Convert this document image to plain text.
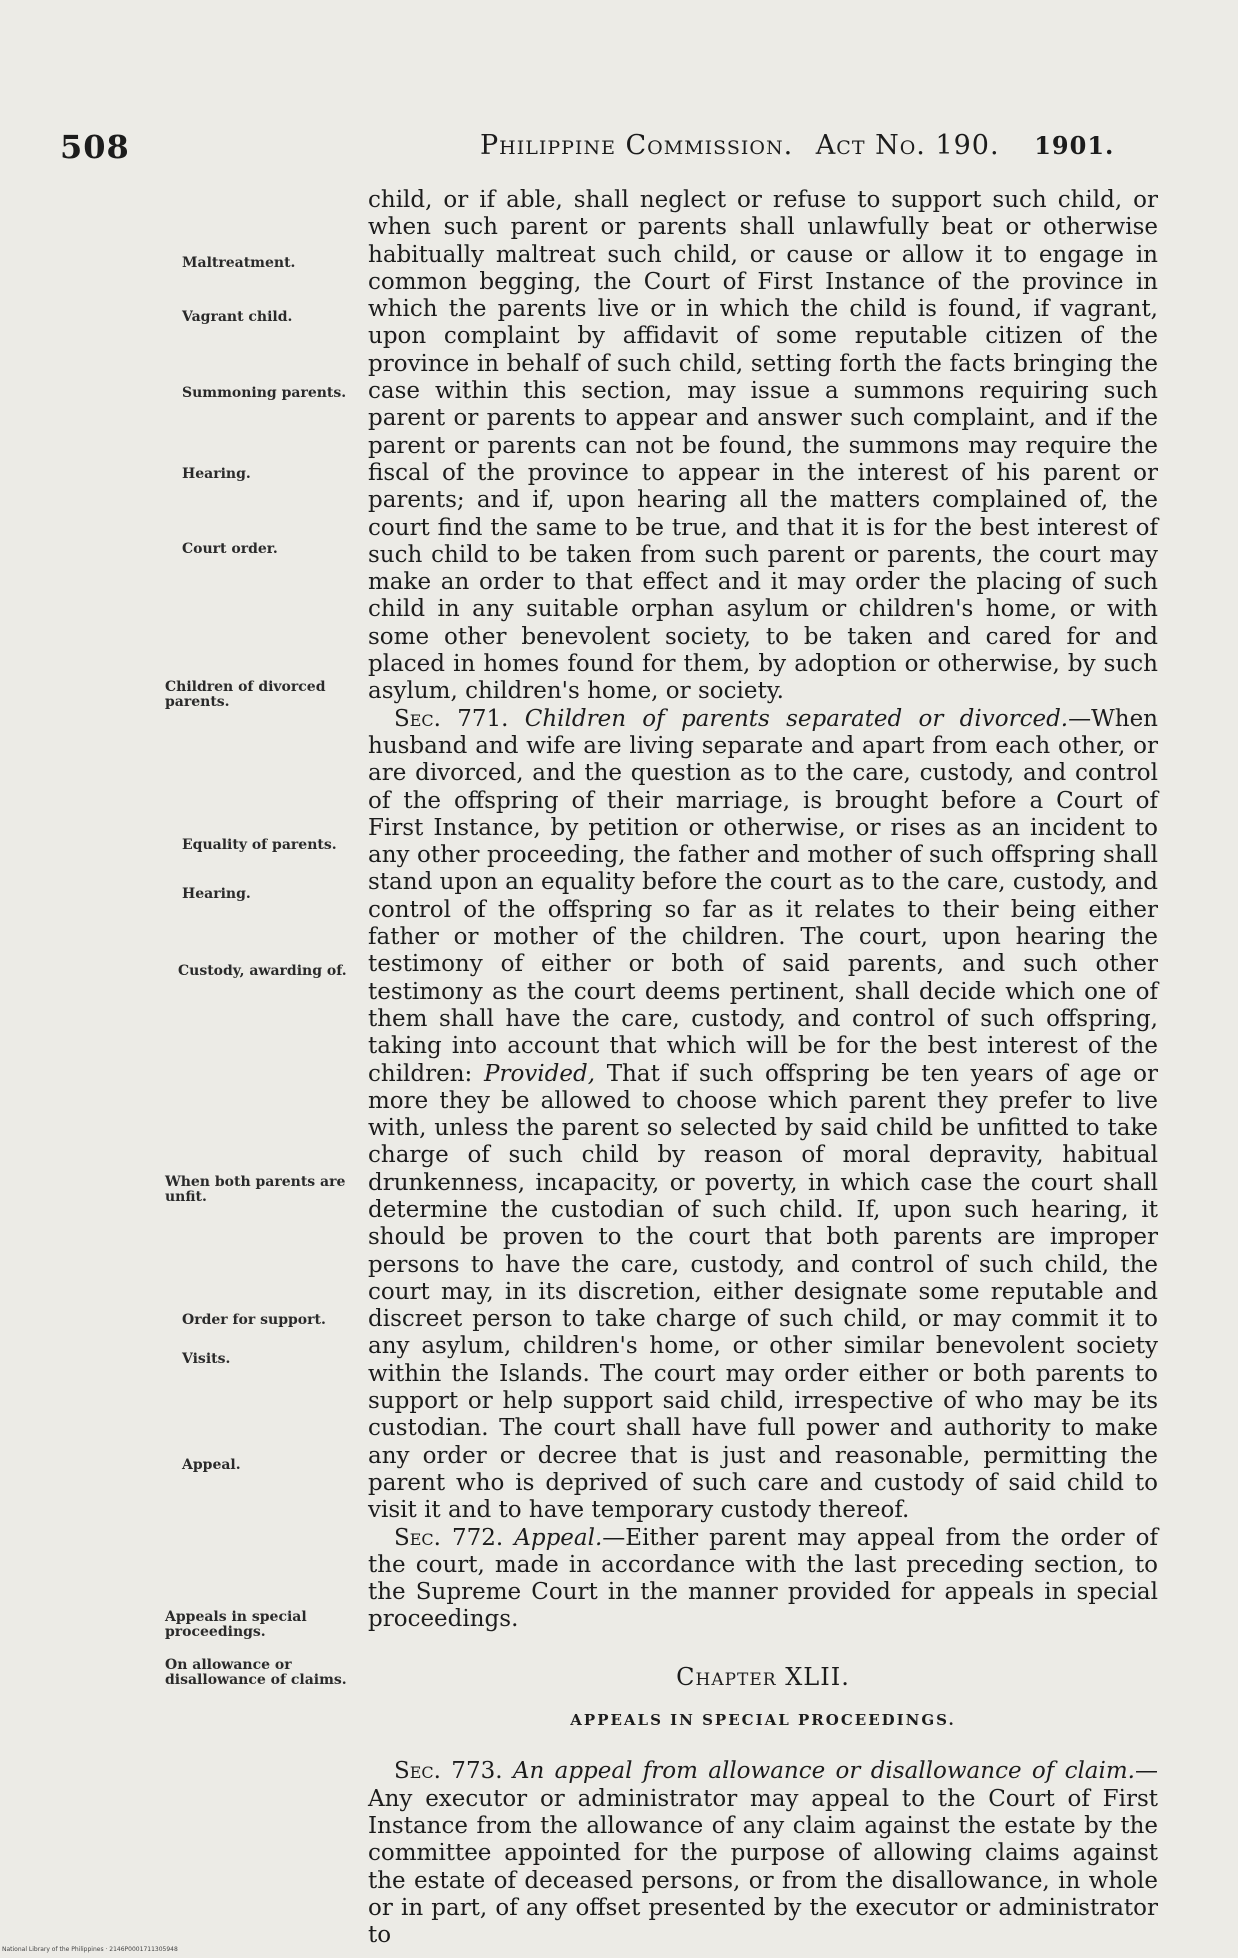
508	Philippine Commission. Act No. 190. 1901.
Maltreatment.
Vagrant child.
Summoning parents.
Hearing.
Court order.
Children of divorced parents.
Equality of parents.
Hearing.
Custody, awarding of.
When both parents are unfit.
Order for support.
Visits.
Appeal.
Appeals in special proceedings.
On allowance or disallowance of claims.

child, or if able, shall neglect or refuse to support such child, or when such parent or parents shall unlawfully beat or otherwise habitually maltreat such child, or cause or allow it to engage in common begging, the Court of First Instance of the province in which the parents live or in which the child is found, if vagrant, upon complaint by affidavit of some reputable citizen of the province in behalf of such child, setting forth the facts bringing the case within this section, may issue a summons requiring such parent or parents to appear and answer such complaint, and if the parent or parents can not be found, the summons may require the fiscal of the province to appear in the interest of his parent or parents; and if, upon hearing all the matters complained of, the court find the same to be true, and that it is for the best interest of such child to be taken from such parent or parents, the court may make an order to that effect and it may order the placing of such child in any suitable orphan asylum or children's home, or with some other benevolent society, to be taken and cared for and placed in homes found for them, by adoption or otherwise, by such asylum, children's home, or society.

Sec. 771. Children of parents separated or divorced.—When husband and wife are living separate and apart from each other, or are divorced, and the question as to the care, custody, and control of the offspring of their marriage, is brought before a Court of First Instance, by petition or otherwise, or rises as an incident to any other proceeding, the father and mother of such offspring shall stand upon an equality before the court as to the care, custody, and control of the offspring so far as it relates to their being either father or mother of the children. The court, upon hearing the testimony of either or both of said parents, and such other testimony as the court deems pertinent, shall decide which one of them shall have the care, custody, and control of such offspring, taking into account that which will be for the best interest of the children: Provided, That if such offspring be ten years of age or more they be allowed to choose which parent they prefer to live with, unless the parent so selected by said child be unfitted to take charge of such child by reason of moral depravity, habitual drunkenness, incapacity, or poverty, in which case the court shall determine the custodian of such child. If, upon such hearing, it should be proven to the court that both parents are improper persons to have the care, custody, and control of such child, the court may, in its discretion, either designate some reputable and discreet person to take charge of such child, or may commit it to any asylum, children's home, or other similar benevolent society within the Islands. The court may order either or both parents to support or help support said child, irrespective of who may be its custodian. The court shall have full power and authority to make any order or decree that is just and reasonable, permitting the parent who is deprived of such care and custody of said child to visit it and to have temporary custody thereof.

Sec. 772. Appeal.—Either parent may appeal from the order of the court, made in accordance with the last preceding section, to the Supreme Court in the manner provided for appeals in special proceedings.

Chapter XLII.
APPEALS IN SPECIAL PROCEEDINGS.

Sec. 773. An appeal from allowance or disallowance of claim.—Any executor or administrator may appeal to the Court of First Instance from the allowance of any claim against the estate by the committee appointed for the purpose of allowing claims against the estate of deceased persons, or from the disallowance, in whole or in part, of any offset presented by the executor or administrator to

National Library of the Philippines · 2146P0001711305948
